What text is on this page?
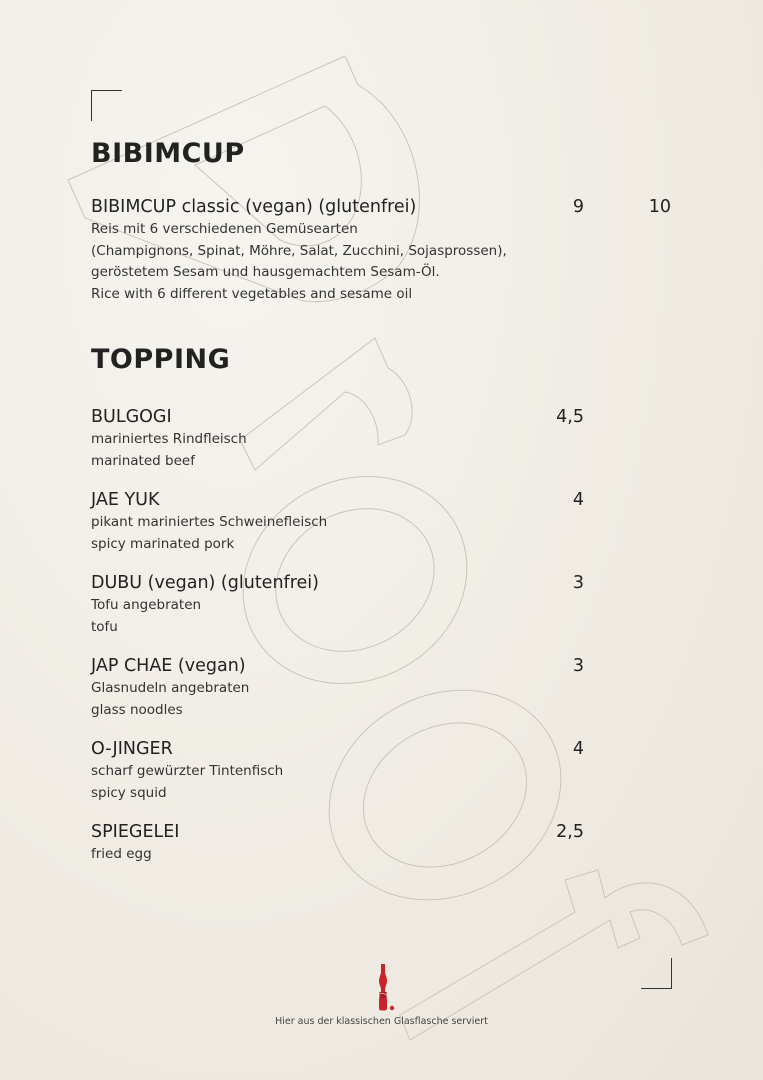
BIBIMCUP
BIBIMCUP classic (vegan) (glutenfrei)	9	10
Reis mit 6 verschiedenen Gemüsearten
(Champignons, Spinat, Möhre, Salat, Zucchini, Sojasprossen),
geröstetem Sesam und hausgemachtem Sesam-Öl.
Rice with 6 different vegetables and sesame oil
TOPPING
BULGOGI	4,5
mariniertes Rindfleisch
marinated beef
JAE YUK	4
pikant mariniertes Schweinefleisch
spicy marinated pork
DUBU (vegan) (glutenfrei)	3
Tofu angebraten
tofu
JAP CHAE (vegan)	3
Glasnudeln angebraten
glass noodles
O-JINGER	4
scharf gewürzter Tintenfisch
spicy squid
SPIEGELEI	2,5
fried egg
Hier aus der klassischen Glasflasche serviert
